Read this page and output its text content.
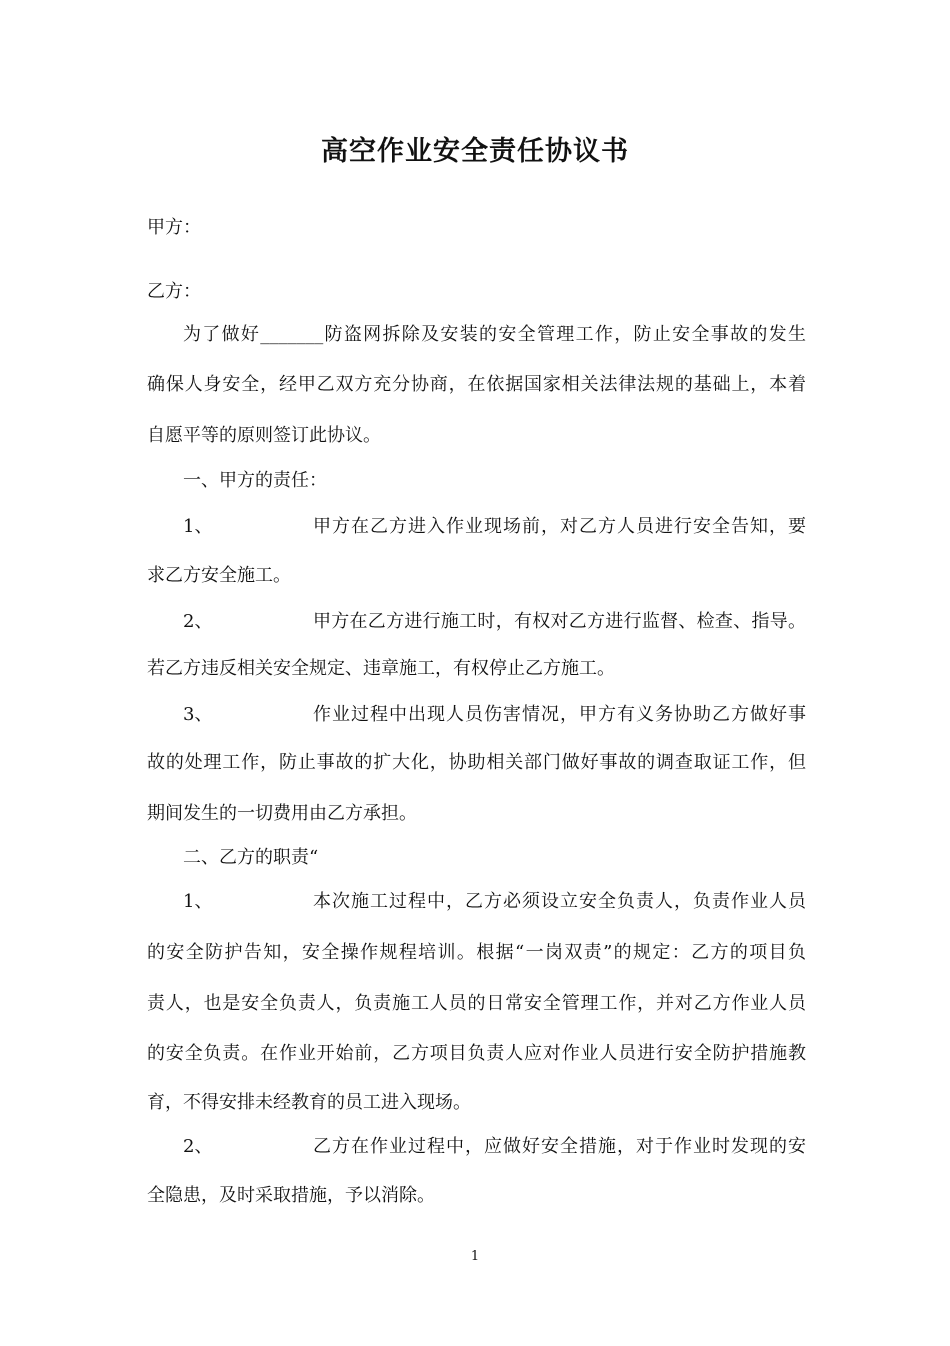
高空作业安全责任协议书
甲方：
乙方：
为了做好_______防盗网拆除及安装的安全管理工作，防止安全事故的发生
确保人身安全，经甲乙双方充分协商，在依据国家相关法律法规的基础上，本着
自愿平等的原则签订此协议。
一、甲方的责任：
1、	甲方在乙方进入作业现场前，对乙方人员进行安全告知，要
求乙方安全施工。
2、	甲方在乙方进行施工时，有权对乙方进行监督、检查、指导。
若乙方违反相关安全规定、违章施工，有权停止乙方施工。
3、	作业过程中出现人员伤害情况，甲方有义务协助乙方做好事
故的处理工作，防止事故的扩大化，协助相关部门做好事故的调查取证工作，但
期间发生的一切费用由乙方承担。
二、乙方的职责“
1、	本次施工过程中，乙方必须设立安全负责人，负责作业人员
的安全防护告知，安全操作规程培训。根据“一岗双责”的规定：乙方的项目负
责人，也是安全负责人，负责施工人员的日常安全管理工作，并对乙方作业人员
的安全负责。在作业开始前，乙方项目负责人应对作业人员进行安全防护措施教
育，不得安排未经教育的员工进入现场。
2、	乙方在作业过程中，应做好安全措施，对于作业时发现的安
全隐患，及时采取措施，予以消除。
1
